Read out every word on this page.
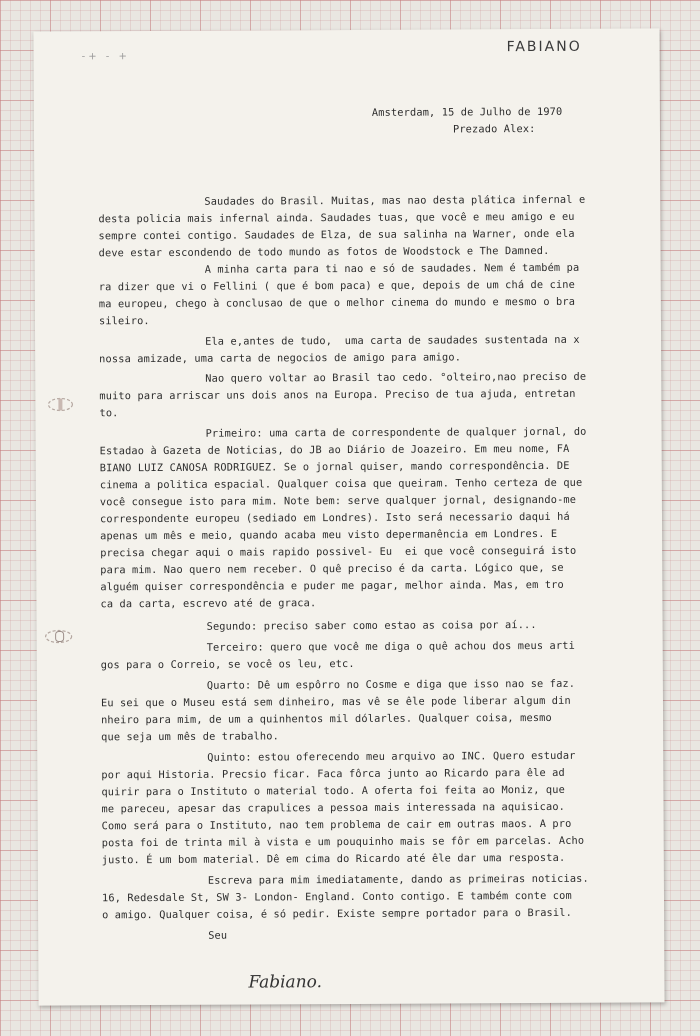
FABIANO
-+ - +
Amsterdam, 15 de Julho de 1970
Prezado Alex:
Saudades do Brasil. Muitas, mas nao desta plática infernal e
desta policia mais infernal ainda. Saudades tuas, que você e meu amigo e eu
sempre contei contigo. Saudades de Elza, de sua salinha na Warner, onde ela
deve estar escondendo de todo mundo as fotos de Woodstock e The Damned.
A minha carta para ti nao e só de saudades. Nem é também pa
ra dizer que vi o Fellini ( que é bom paca) e que, depois de um chá de cine
ma europeu, chego à conclusao de que o melhor cinema do mundo e mesmo o bra
sileiro.
Ela e,antes de tudo,  uma carta de saudades sustentada na x
nossa amizade, uma carta de negocios de amigo para amigo.
Nao quero voltar ao Brasil tao cedo. °olteiro,nao preciso de
muito para arriscar uns dois anos na Europa. Preciso de tua ajuda, entretan
to.
Primeiro: uma carta de correspondente de qualquer jornal, do
Estadao à Gazeta de Noticias, do JB ao Diário de Joazeiro. Em meu nome, FA
BIANO LUIZ CANOSA RODRIGUEZ. Se o jornal quiser, mando correspondência. DE
cinema a politica espacial. Qualquer coisa que queiram. Tenho certeza de que
você consegue isto para mim. Note bem: serve qualquer jornal, designando-me
correspondente europeu (sediado em Londres). Isto será necessario daqui há
apenas um mês e meio, quando acaba meu visto depermanência em Londres. E
precisa chegar aqui o mais rapido possivel- Eu  ei que você conseguirá isto
para mim. Nao quero nem receber. O quê preciso é da carta. Lógico que, se
alguém quiser correspondência e puder me pagar, melhor ainda. Mas, em tro
ca da carta, escrevo até de graca.
Segundo: preciso saber como estao as coisa por aí...
Terceiro: quero que você me diga o quê achou dos meus arti
gos para o Correio, se você os leu, etc.
Quarto: Dê um espôrro no Cosme e diga que isso nao se faz.
Eu sei que o Museu está sem dinheiro, mas vê se êle pode liberar algum din
nheiro para mim, de um a quinhentos mil dólarles. Qualquer coisa, mesmo
que seja um mês de trabalho.
Quinto: estou oferecendo meu arquivo ao INC. Quero estudar
por aqui Historia. Precsio ficar. Faca fôrca junto ao Ricardo para êle ad
quirir para o Instituto o material todo. A oferta foi feita ao Moniz, que
me pareceu, apesar das crapulices a pessoa mais interessada na aquisicao.
Como será para o Instituto, nao tem problema de cair em outras maos. A pro
posta foi de trinta mil à vista e um pouquinho mais se fôr em parcelas. Acho
justo. É um bom material. Dê em cima do Ricardo até êle dar uma resposta.
Escreva para mim imediatamente, dando as primeiras noticias.
16, Redesdale St, SW 3- London- England. Conto contigo. E também conte com
o amigo. Qualquer coisa, é só pedir. Existe sempre portador para o Brasil.
Seu
Fabiano.
